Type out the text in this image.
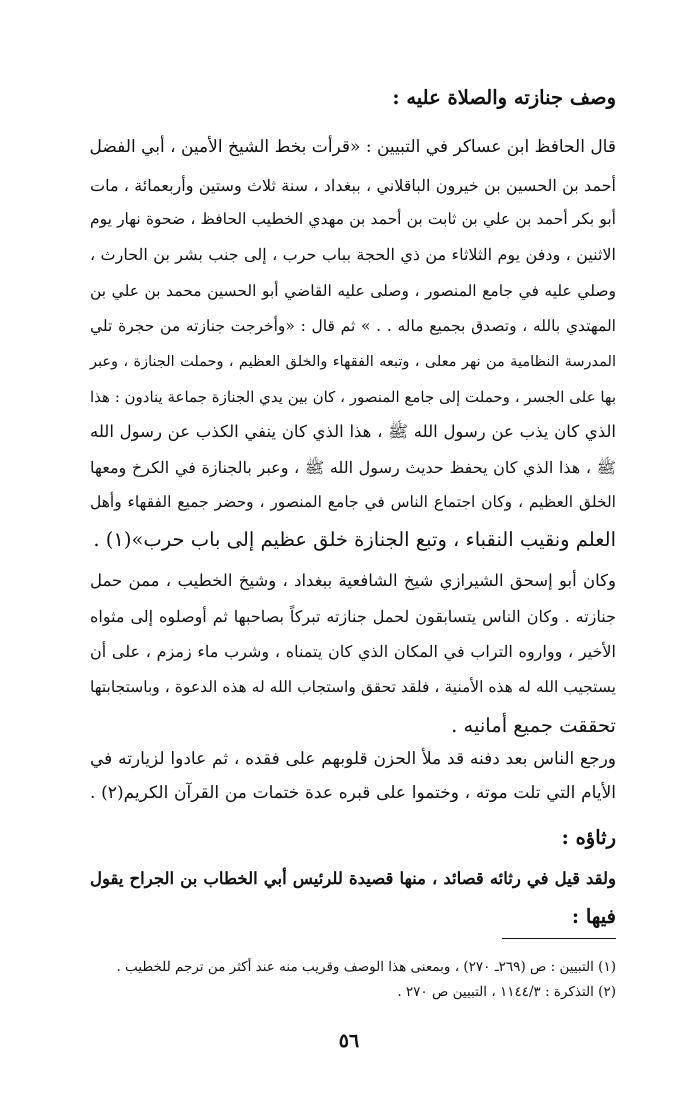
وصف جنازته والصلاة عليه :
قال الحافظ ابن عساكر في التبيين : «قرأت بخط الشيخ الأمين ، أبي الفضل
أحمد بن الحسين بن خيرون الباقلاني ، ببغداد ، سنة ثلاث وستين وأربعمائة ، مات
أبو بكر أحمد بن علي بن ثابت بن أحمد بن مهدي الخطيب الحافظ ، ضحوة نهار يوم
الاثنين ، ودفن يوم الثلاثاء من ذي الحجة بباب حرب ، إلى جنب بشر بن الحارث ،
وصلي عليه في جامع المنصور ، وصلى عليه القاضي أبو الحسين محمد بن علي بن
المهتدي بالله ، وتصدق بجميع ماله . . » ثم قال : «وأخرجت جنازته من حجرة تلي
المدرسة النظامية من نهر معلى ، وتبعه الفقهاء والخلق العظيم ، وحملت الجنازة ، وعبر
بها على الجسر ، وحملت إلى جامع المنصور ، كان بين يدي الجنازة جماعة ينادون : هذا
الذي كان يذب عن رسول الله ﷺ ، هذا الذي كان ينفي الكذب عن رسول الله
ﷺ ، هذا الذي كان يحفظ حديث رسول الله ﷺ ، وعبر بالجنازة في الكرخ ومعها
الخلق العظيم ، وكان اجتماع الناس في جامع المنصور ، وحضر جميع الفقهاء وأهل
العلم ونقيب النقباء ، وتبع الجنازة خلق عظيم إلى باب حرب»(١) .
وكان أبو إسحق الشيرازي شيخ الشافعية ببغداد ، وشيخ الخطيب ، ممن حمل
جنازته . وكان الناس يتسابقون لحمل جنازته تبركاً بصاحبها ثم أوصلوه إلى مثواه
الأخير ، وواروه التراب في المكان الذي كان يتمناه ، وشرب ماء زمزم ، على أن
يستجيب الله له هذه الأمنية ، فلقد تحقق واستجاب الله له هذه الدعوة ، وباستجابتها
تحققت جميع أمانيه .
ورجع الناس بعد دفنه قد ملأ الحزن قلوبهم على فقده ، ثم عادوا لزيارته في
الأيام التي تلت موته ، وختموا على قبره عدة ختمات من القرآن الكريم(٢) .
رثاؤه :
ولقد قيل في رثائه قصائد ، منها قصيدة للرئيس أبي الخطاب بن الجراح يقول
فيها :
(١) التبيين : ص (٢٦٩ـ ٢٧٠) ، وبمعنى هذا الوصف وقريب منه عند أكثر من ترجم للخطيب .
(٢) التذكرة : ١١٤٤/٣ ، التبيين ص ٢٧٠ .
٥٦
